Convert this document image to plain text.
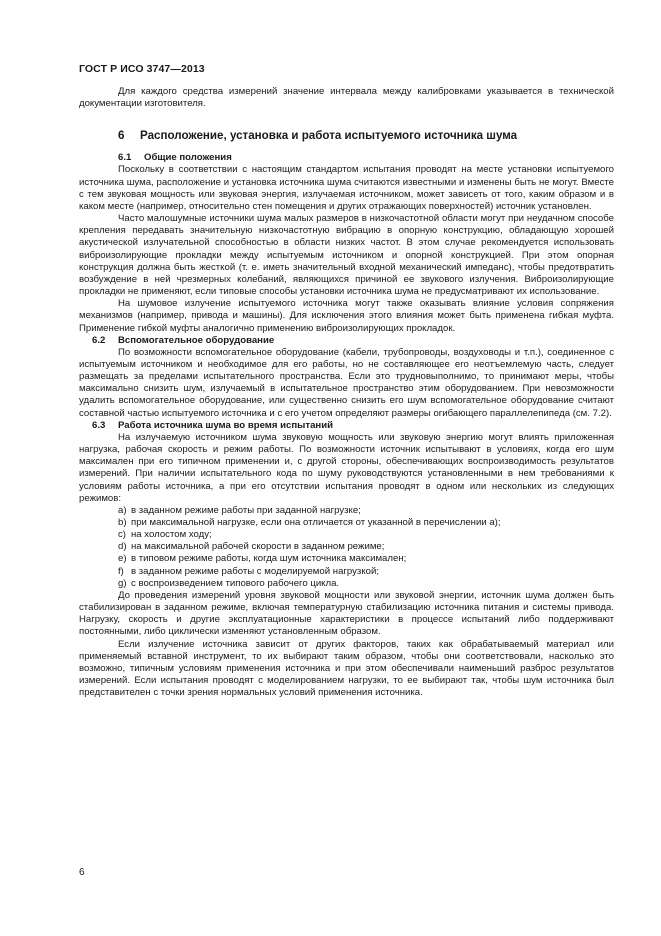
ГОСТ Р ИСО 3747—2013

Для каждого средства измерений значение интервала между калибровками указывается в технической документации изготовителя.

6 Расположение, установка и работа испытуемого источника шума
6.1 Общие положения

Поскольку в соответствии с настоящим стандартом испытания проводят на месте установки испытуемого источника шума, расположение и установка источника шума считаются известными и изменены быть не могут. Вместе с тем звуковая мощность или звуковая энергия, излучаемая источником, может зависеть от того, каким образом и в каком месте (например, относительно стен помещения и других отражающих поверхностей) источник установлен.

Часто малошумные источники шума малых размеров в низкочастотной области могут при неудачном способе крепления передавать значительную низкочастотную вибрацию в опорную конструкцию, обладающую хорошей акустической излучательной способностью в области низких частот. В этом случае рекомендуется использовать виброизолирующие прокладки между испытуемым источником и опорной конструкцией. При этом опорная конструкция должна быть жесткой (т. е. иметь значительный входной механический импеданс), чтобы предотвратить возбуждение в ней чрезмерных колебаний, являющихся причиной ее звукового излучения. Виброизолирующие прокладки не применяют, если типовые способы установки источника шума не предусматривают их использование.

На шумовое излучение испытуемого источника могут также оказывать влияние условия сопряжения механизмов (например, привода и машины). Для исключения этого влияния может быть применена гибкая муфта. Применение гибкой муфты аналогично применению виброизолирующих прокладок.

6.2 Вспомогательное оборудование

По возможности вспомогательное оборудование (кабели, трубопроводы, воздуховоды и т.п.), соединенное с испытуемым источником и необходимое для его работы, но не составляющее его неотъемлемую часть, следует размещать за пределами испытательного пространства. Если это трудновыполнимо, то принимают меры, чтобы максимально снизить шум, излучаемый в испытательное пространство этим оборудованием. При невозможности удалить вспомогательное оборудование, или существенно снизить его шум вспомогательное оборудование считают составной частью испытуемого источника и с его учетом определяют размеры огибающего параллелепипеда (см. 7.2).

6.3 Работа источника шума во время испытаний

На излучаемую источником шума звуковую мощность или звуковую энергию могут влиять приложенная нагрузка, рабочая скорость и режим работы. По возможности источник испытывают в условиях, когда его шум максимален при его типичном применении и, с другой стороны, обеспечивающих воспроизводимость результатов измерений. При наличии испытательного кода по шуму руководствуются установленными в нем требованиями к условиям работы источника, а при его отсутствии испытания проводят в одном или нескольких из следующих режимов:

a) в заданном режиме работы при заданной нагрузке;
b) при максимальной нагрузке, если она отличается от указанной в перечислении а);
c) на холостом ходу;
d) на максимальной рабочей скорости в заданном режиме;
e) в типовом режиме работы, когда шум источника максимален;
f) в заданном режиме работы с моделируемой нагрузкой;
g) с воспроизведением типового рабочего цикла.

До проведения измерений уровня звуковой мощности или звуковой энергии, источник шума должен быть стабилизирован в заданном режиме, включая температурную стабилизацию источника питания и системы привода. Нагрузку, скорость и другие эксплуатационные характеристики в процессе испытаний либо поддерживают постоянными, либо циклически изменяют установленным образом.

Если излучение источника зависит от других факторов, таких как обрабатываемый материал или применяемый вставной инструмент, то их выбирают таким образом, чтобы они соответствовали, насколько это возможно, типичным условиям применения источника и при этом обеспечивали наименьший разброс результатов измерений. Если испытания проводят с моделированием нагрузки, то ее выбирают так, чтобы шум источника был представителен с точки зрения нормальных условий применения источника.

6
